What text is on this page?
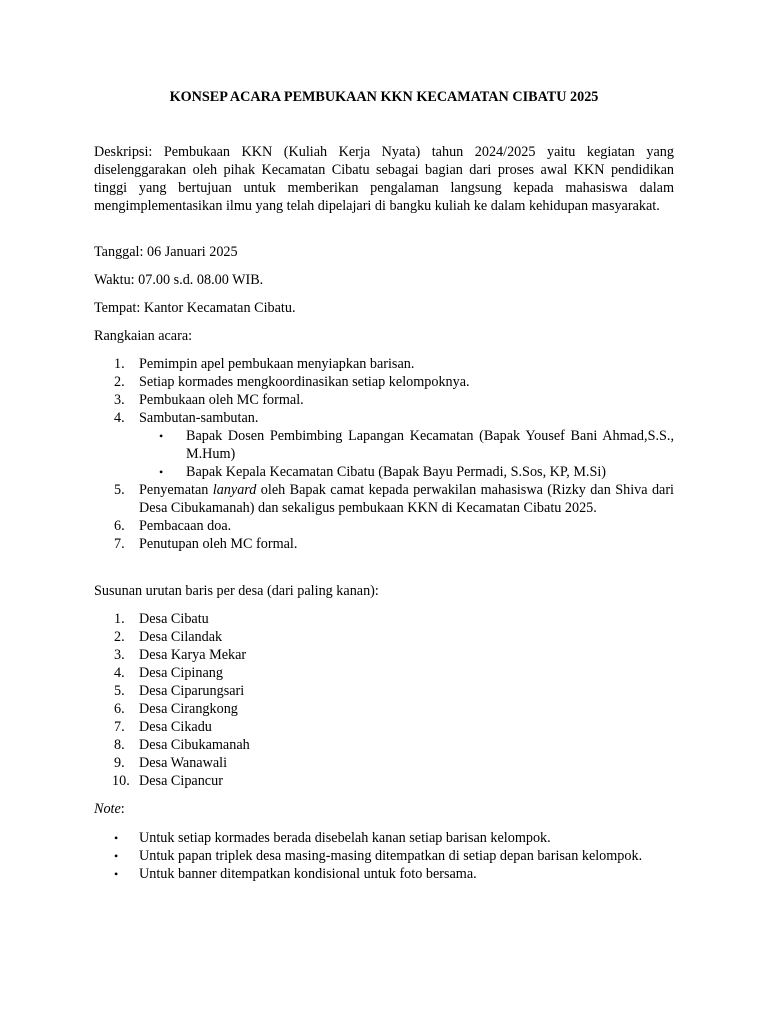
KONSEP ACARA PEMBUKAAN KKN KECAMATAN CIBATU 2025

Deskripsi: Pembukaan KKN (Kuliah Kerja Nyata) tahun 2024/2025 yaitu kegiatan yang diselenggarakan oleh pihak Kecamatan Cibatu sebagai bagian dari proses awal KKN pendidikan tinggi yang bertujuan untuk memberikan pengalaman langsung kepada mahasiswa dalam mengimplementasikan ilmu yang telah dipelajari di bangku kuliah ke dalam kehidupan masyarakat.

Tanggal: 06 Januari 2025

Waktu: 07.00 s.d. 08.00 WIB.

Tempat: Kantor Kecamatan Cibatu.

Rangkaian acara:

1.	Pemimpin apel pembukaan menyiapkan barisan.
2.	Setiap kormades mengkoordinasikan setiap kelompoknya.
3.	Pembukaan oleh MC formal.
4.	Sambutan-sambutan.
• Bapak Dosen Pembimbing Lapangan Kecamatan (Bapak Yousef Bani Ahmad,S.S., M.Hum)
• Bapak Kepala Kecamatan Cibatu (Bapak Bayu Permadi, S.Sos, KP, M.Si)
5.	Penyematan lanyard oleh Bapak camat kepada perwakilan mahasiswa (Rizky dan Shiva dari Desa Cibukamanah) dan sekaligus pembukaan KKN di Kecamatan Cibatu 2025.
6.	Pembacaan doa.
7.	Penutupan oleh MC formal.

Susunan urutan baris per desa (dari paling kanan):

1.	Desa Cibatu
2.	Desa Cilandak
3.	Desa Karya Mekar
4.	Desa Cipinang
5.	Desa Ciparungsari
6.	Desa Cirangkong
7.	Desa Cikadu
8.	Desa Cibukamanah
9.	Desa Wanawali
10. Desa Cipancur

Note:

• Untuk setiap kormades berada disebelah kanan setiap barisan kelompok.
• Untuk papan triplek desa masing-masing ditempatkan di setiap depan barisan kelompok.
• Untuk banner ditempatkan kondisional untuk foto bersama.
